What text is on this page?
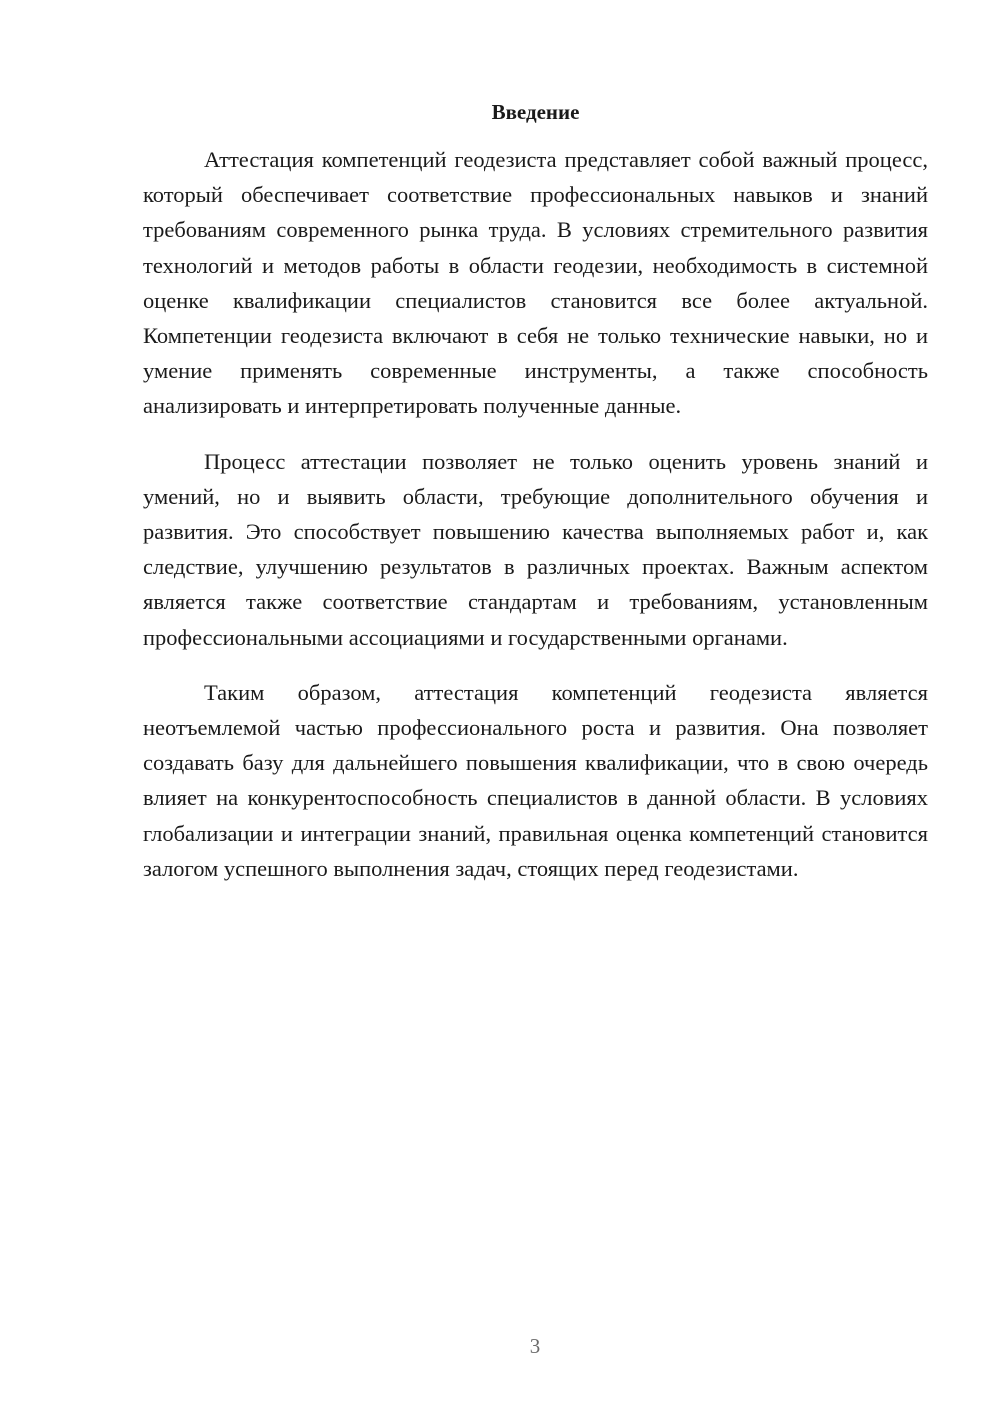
Введение

Аттестация компетенций геодезиста представляет собой важный процесс, который обеспечивает соответствие профессиональных навыков и знаний требованиям современного рынка труда. В условиях стремительного развития технологий и методов работы в области геодезии, необходимость в системной оценке квалификации специалистов становится все более актуальной. Компетенции геодезиста включают в себя не только технические навыки, но и умение применять современные инструменты, а также способность анализировать и интерпретировать полученные данные.

Процесс аттестации позволяет не только оценить уровень знаний и умений, но и выявить области, требующие дополнительного обучения и развития. Это способствует повышению качества выполняемых работ и, как следствие, улучшению результатов в различных проектах. Важным аспектом является также соответствие стандартам и требованиям, установленным профессиональными ассоциациями и государственными органами.

Таким образом, аттестация компетенций геодезиста является неотъемлемой частью профессионального роста и развития. Она позволяет создавать базу для дальнейшего повышения квалификации, что в свою очередь влияет на конкурентоспособность специалистов в данной области. В условиях глобализации и интеграции знаний, правильная оценка компетенций становится залогом успешного выполнения задач, стоящих перед геодезистами.

3
